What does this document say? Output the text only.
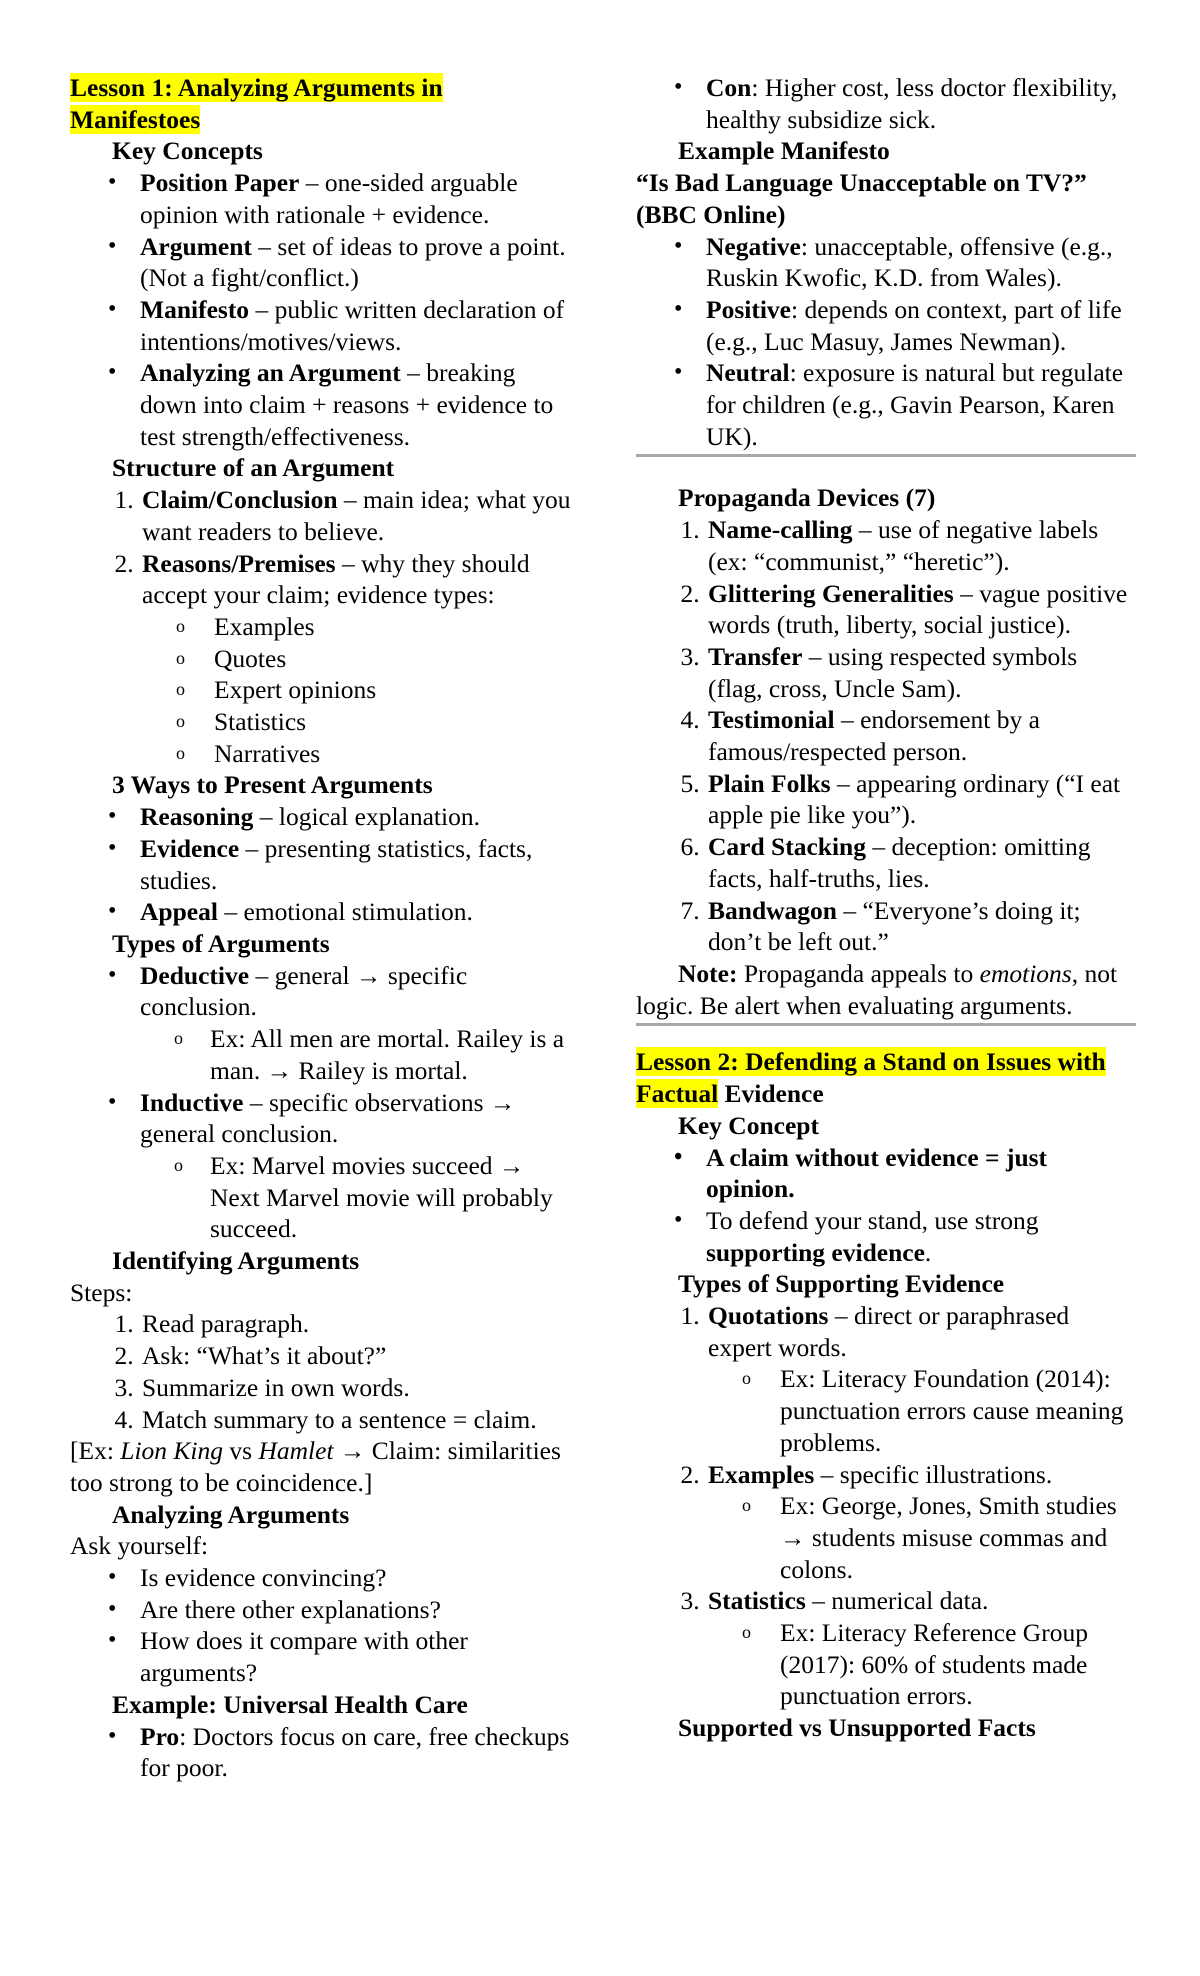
Lesson 1: Analyzing Arguments in Manifestoes

Key Concepts

• Position Paper – one-sided arguable opinion with rationale + evidence.
• Argument – set of ideas to prove a point. (Not a fight/conflict.)
• Manifesto – public written declaration of intentions/motives/views.
• Analyzing an Argument – breaking down into claim + reasons + evidence to test strength/effectiveness.

Structure of an Argument

1. Claim/Conclusion – main idea; what you want readers to believe.
2. Reasons/Premises – why they should accept your claim; evidence types:
o Examples
o Quotes
o Expert opinions
o Statistics
o Narratives

3 Ways to Present Arguments

• Reasoning – logical explanation.
• Evidence – presenting statistics, facts, studies.
• Appeal – emotional stimulation.

Types of Arguments

• Deductive – general → specific conclusion.
o Ex: All men are mortal. Railey is a man. → Railey is mortal.
• Inductive – specific observations → general conclusion.
o Ex: Marvel movies succeed → Next Marvel movie will probably succeed.

Identifying Arguments

Steps:

1. Read paragraph.
2. Ask: “What’s it about?”
3. Summarize in own words.
4. Match summary to a sentence = claim.

[Ex: Lion King vs Hamlet → Claim: similarities too strong to be coincidence.]

Analyzing Arguments

Ask yourself:

• Is evidence convincing?
• Are there other explanations?
• How does it compare with other arguments?

Example: Universal Health Care

• Pro: Doctors focus on care, free checkups for poor.
• Con: Higher cost, less doctor flexibility, healthy subsidize sick.

Example Manifesto

“Is Bad Language Unacceptable on TV?” (BBC Online)

• Negative: unacceptable, offensive (e.g., Ruskin Kwofic, K.D. from Wales).
• Positive: depends on context, part of life (e.g., Luc Masuy, James Newman).
• Neutral: exposure is natural but regulate for children (e.g., Gavin Pearson, Karen UK).

Propaganda Devices (7)

1. Name-calling – use of negative labels (ex: “communist,” “heretic”).
2. Glittering Generalities – vague positive words (truth, liberty, social justice).
3. Transfer – using respected symbols (flag, cross, Uncle Sam).
4. Testimonial – endorsement by a famous/respected person.
5. Plain Folks – appearing ordinary (“I eat apple pie like you”).
6. Card Stacking – deception: omitting facts, half-truths, lies.
7. Bandwagon – “Everyone’s doing it; don’t be left out.”

Note: Propaganda appeals to emotions, not logic. Be alert when evaluating arguments.

Lesson 2: Defending a Stand on Issues with Factual Evidence

Key Concept

• A claim without evidence = just opinion.
• To defend your stand, use strong supporting evidence.

Types of Supporting Evidence

1. Quotations – direct or paraphrased expert words.
o Ex: Literacy Foundation (2014): punctuation errors cause meaning problems.
2. Examples – specific illustrations.
o Ex: George, Jones, Smith studies → students misuse commas and colons.
3. Statistics – numerical data.
o Ex: Literacy Reference Group (2017): 60% of students made punctuation errors.

Supported vs Unsupported Facts
